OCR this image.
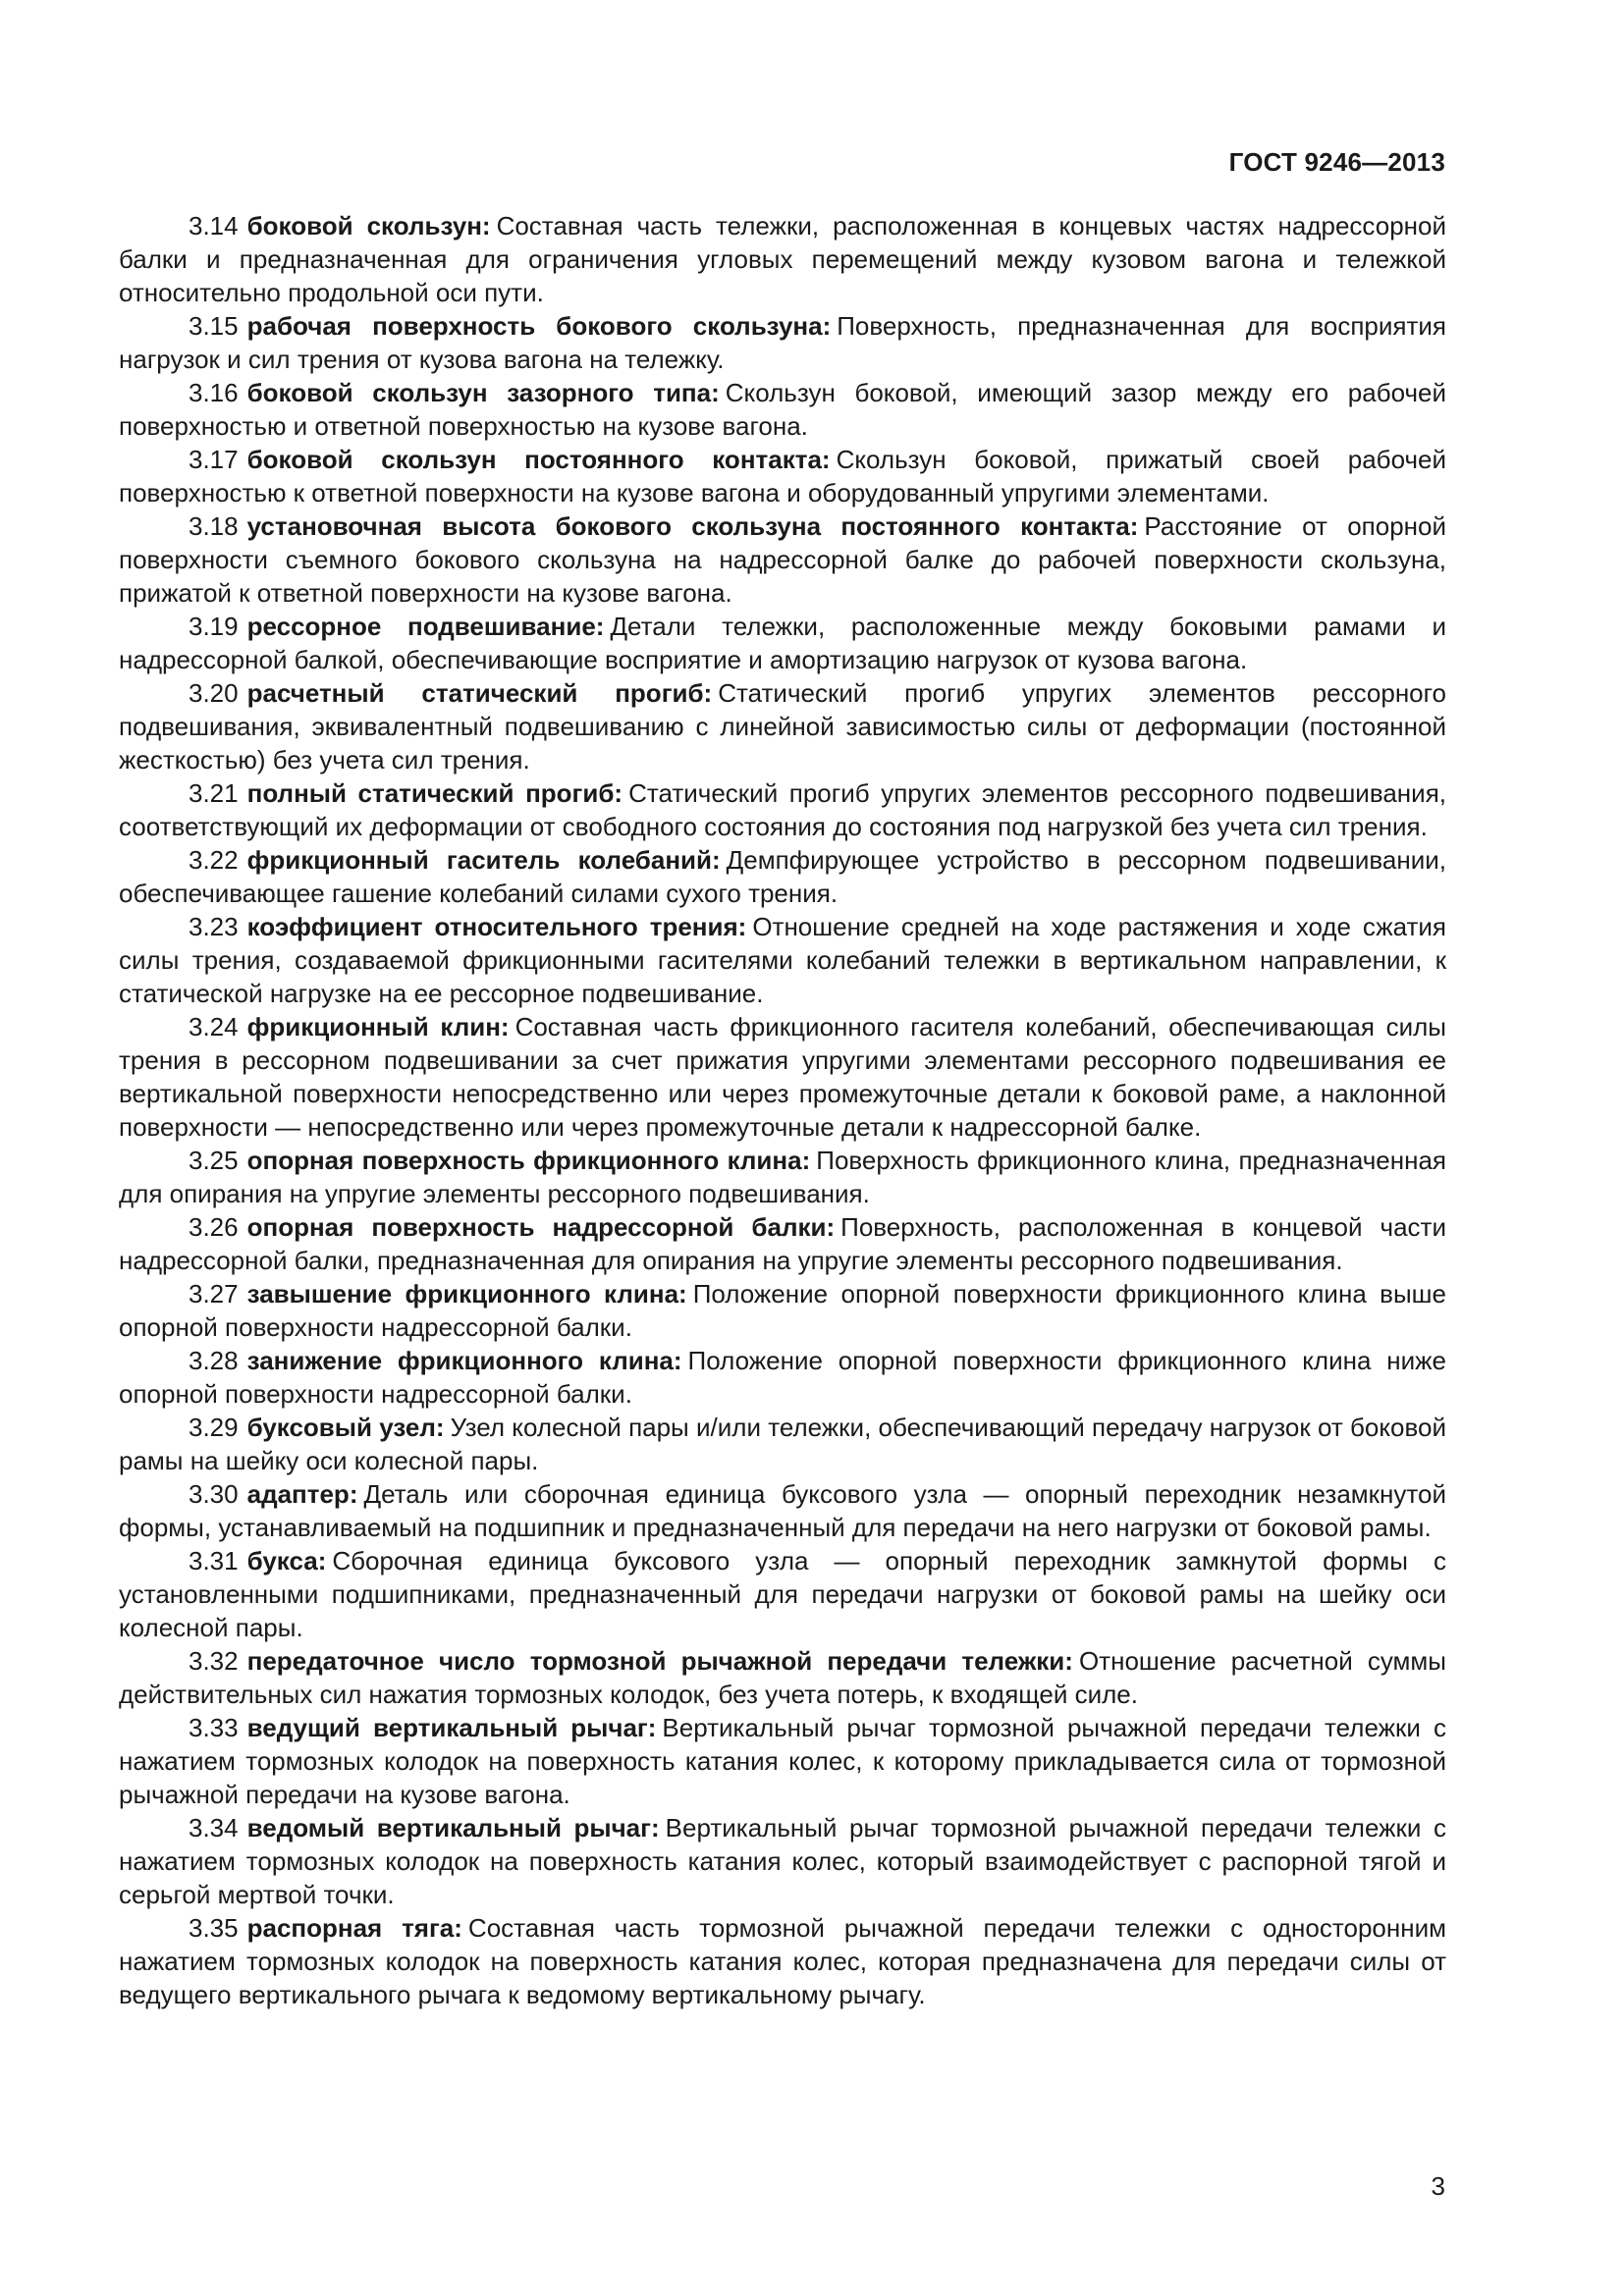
ГОСТ 9246—2013

3.14 боковой скользун: Составная часть тележки, расположенная в концевых частях надрессорной балки и предназначенная для ограничения угловых перемещений между кузовом вагона и тележкой относительно продольной оси пути.

3.15 рабочая поверхность бокового скользуна: Поверхность, предназначенная для восприятия нагрузок и сил трения от кузова вагона на тележку.

3.16 боковой скользун зазорного типа: Скользун боковой, имеющий зазор между его рабочей поверхностью и ответной поверхностью на кузове вагона.

3.17 боковой скользун постоянного контакта: Скользун боковой, прижатый своей рабочей поверхностью к ответной поверхности на кузове вагона и оборудованный упругими элементами.

3.18 установочная высота бокового скользуна постоянного контакта: Расстояние от опорной поверхности съемного бокового скользуна на надрессорной балке до рабочей поверхности скользуна, прижатой к ответной поверхности на кузове вагона.

3.19 рессорное подвешивание: Детали тележки, расположенные между боковыми рамами и надрессорной балкой, обеспечивающие восприятие и амортизацию нагрузок от кузова вагона.

3.20 расчетный статический прогиб: Статический прогиб упругих элементов рессорного подвешивания, эквивалентный подвешиванию с линейной зависимостью силы от деформации (постоянной жесткостью) без учета сил трения.

3.21 полный статический прогиб: Статический прогиб упругих элементов рессорного подвешивания, соответствующий их деформации от свободного состояния до состояния под нагрузкой без учета сил трения.

3.22 фрикционный гаситель колебаний: Демпфирующее устройство в рессорном подвешивании, обеспечивающее гашение колебаний силами сухого трения.

3.23 коэффициент относительного трения: Отношение средней на ходе растяжения и ходе сжатия силы трения, создаваемой фрикционными гасителями колебаний тележки в вертикальном направлении, к статической нагрузке на ее рессорное подвешивание.

3.24 фрикционный клин: Составная часть фрикционного гасителя колебаний, обеспечивающая силы трения в рессорном подвешивании за счет прижатия упругими элементами рессорного подвешивания ее вертикальной поверхности непосредственно или через промежуточные детали к боковой раме, а наклонной поверхности — непосредственно или через промежуточные детали к надрессорной балке.

3.25 опорная поверхность фрикционного клина: Поверхность фрикционного клина, предназначенная для опирания на упругие элементы рессорного подвешивания.

3.26 опорная поверхность надрессорной балки: Поверхность, расположенная в концевой части надрессорной балки, предназначенная для опирания на упругие элементы рессорного подвешивания.

3.27 завышение фрикционного клина: Положение опорной поверхности фрикционного клина выше опорной поверхности надрессорной балки.

3.28 занижение фрикционного клина: Положение опорной поверхности фрикционного клина ниже опорной поверхности надрессорной балки.

3.29 буксовый узел: Узел колесной пары и/или тележки, обеспечивающий передачу нагрузок от боковой рамы на шейку оси колесной пары.

3.30 адаптер: Деталь или сборочная единица буксового узла — опорный переходник незамкнутой формы, устанавливаемый на подшипник и предназначенный для передачи на него нагрузки от боковой рамы.

3.31 букса: Сборочная единица буксового узла — опорный переходник замкнутой формы с установленными подшипниками, предназначенный для передачи нагрузки от боковой рамы на шейку оси колесной пары.

3.32 передаточное число тормозной рычажной передачи тележки: Отношение расчетной суммы действительных сил нажатия тормозных колодок, без учета потерь, к входящей силе.

3.33 ведущий вертикальный рычаг: Вертикальный рычаг тормозной рычажной передачи тележки с нажатием тормозных колодок на поверхность катания колес, к которому прикладывается сила от тормозной рычажной передачи на кузове вагона.

3.34 ведомый вертикальный рычаг: Вертикальный рычаг тормозной рычажной передачи тележки с нажатием тормозных колодок на поверхность катания колес, который взаимодействует с распорной тягой и серьгой мертвой точки.

3.35 распорная тяга: Составная часть тормозной рычажной передачи тележки с односторонним нажатием тормозных колодок на поверхность катания колес, которая предназначена для передачи силы от ведущего вертикального рычага к ведомому вертикальному рычагу.

3
